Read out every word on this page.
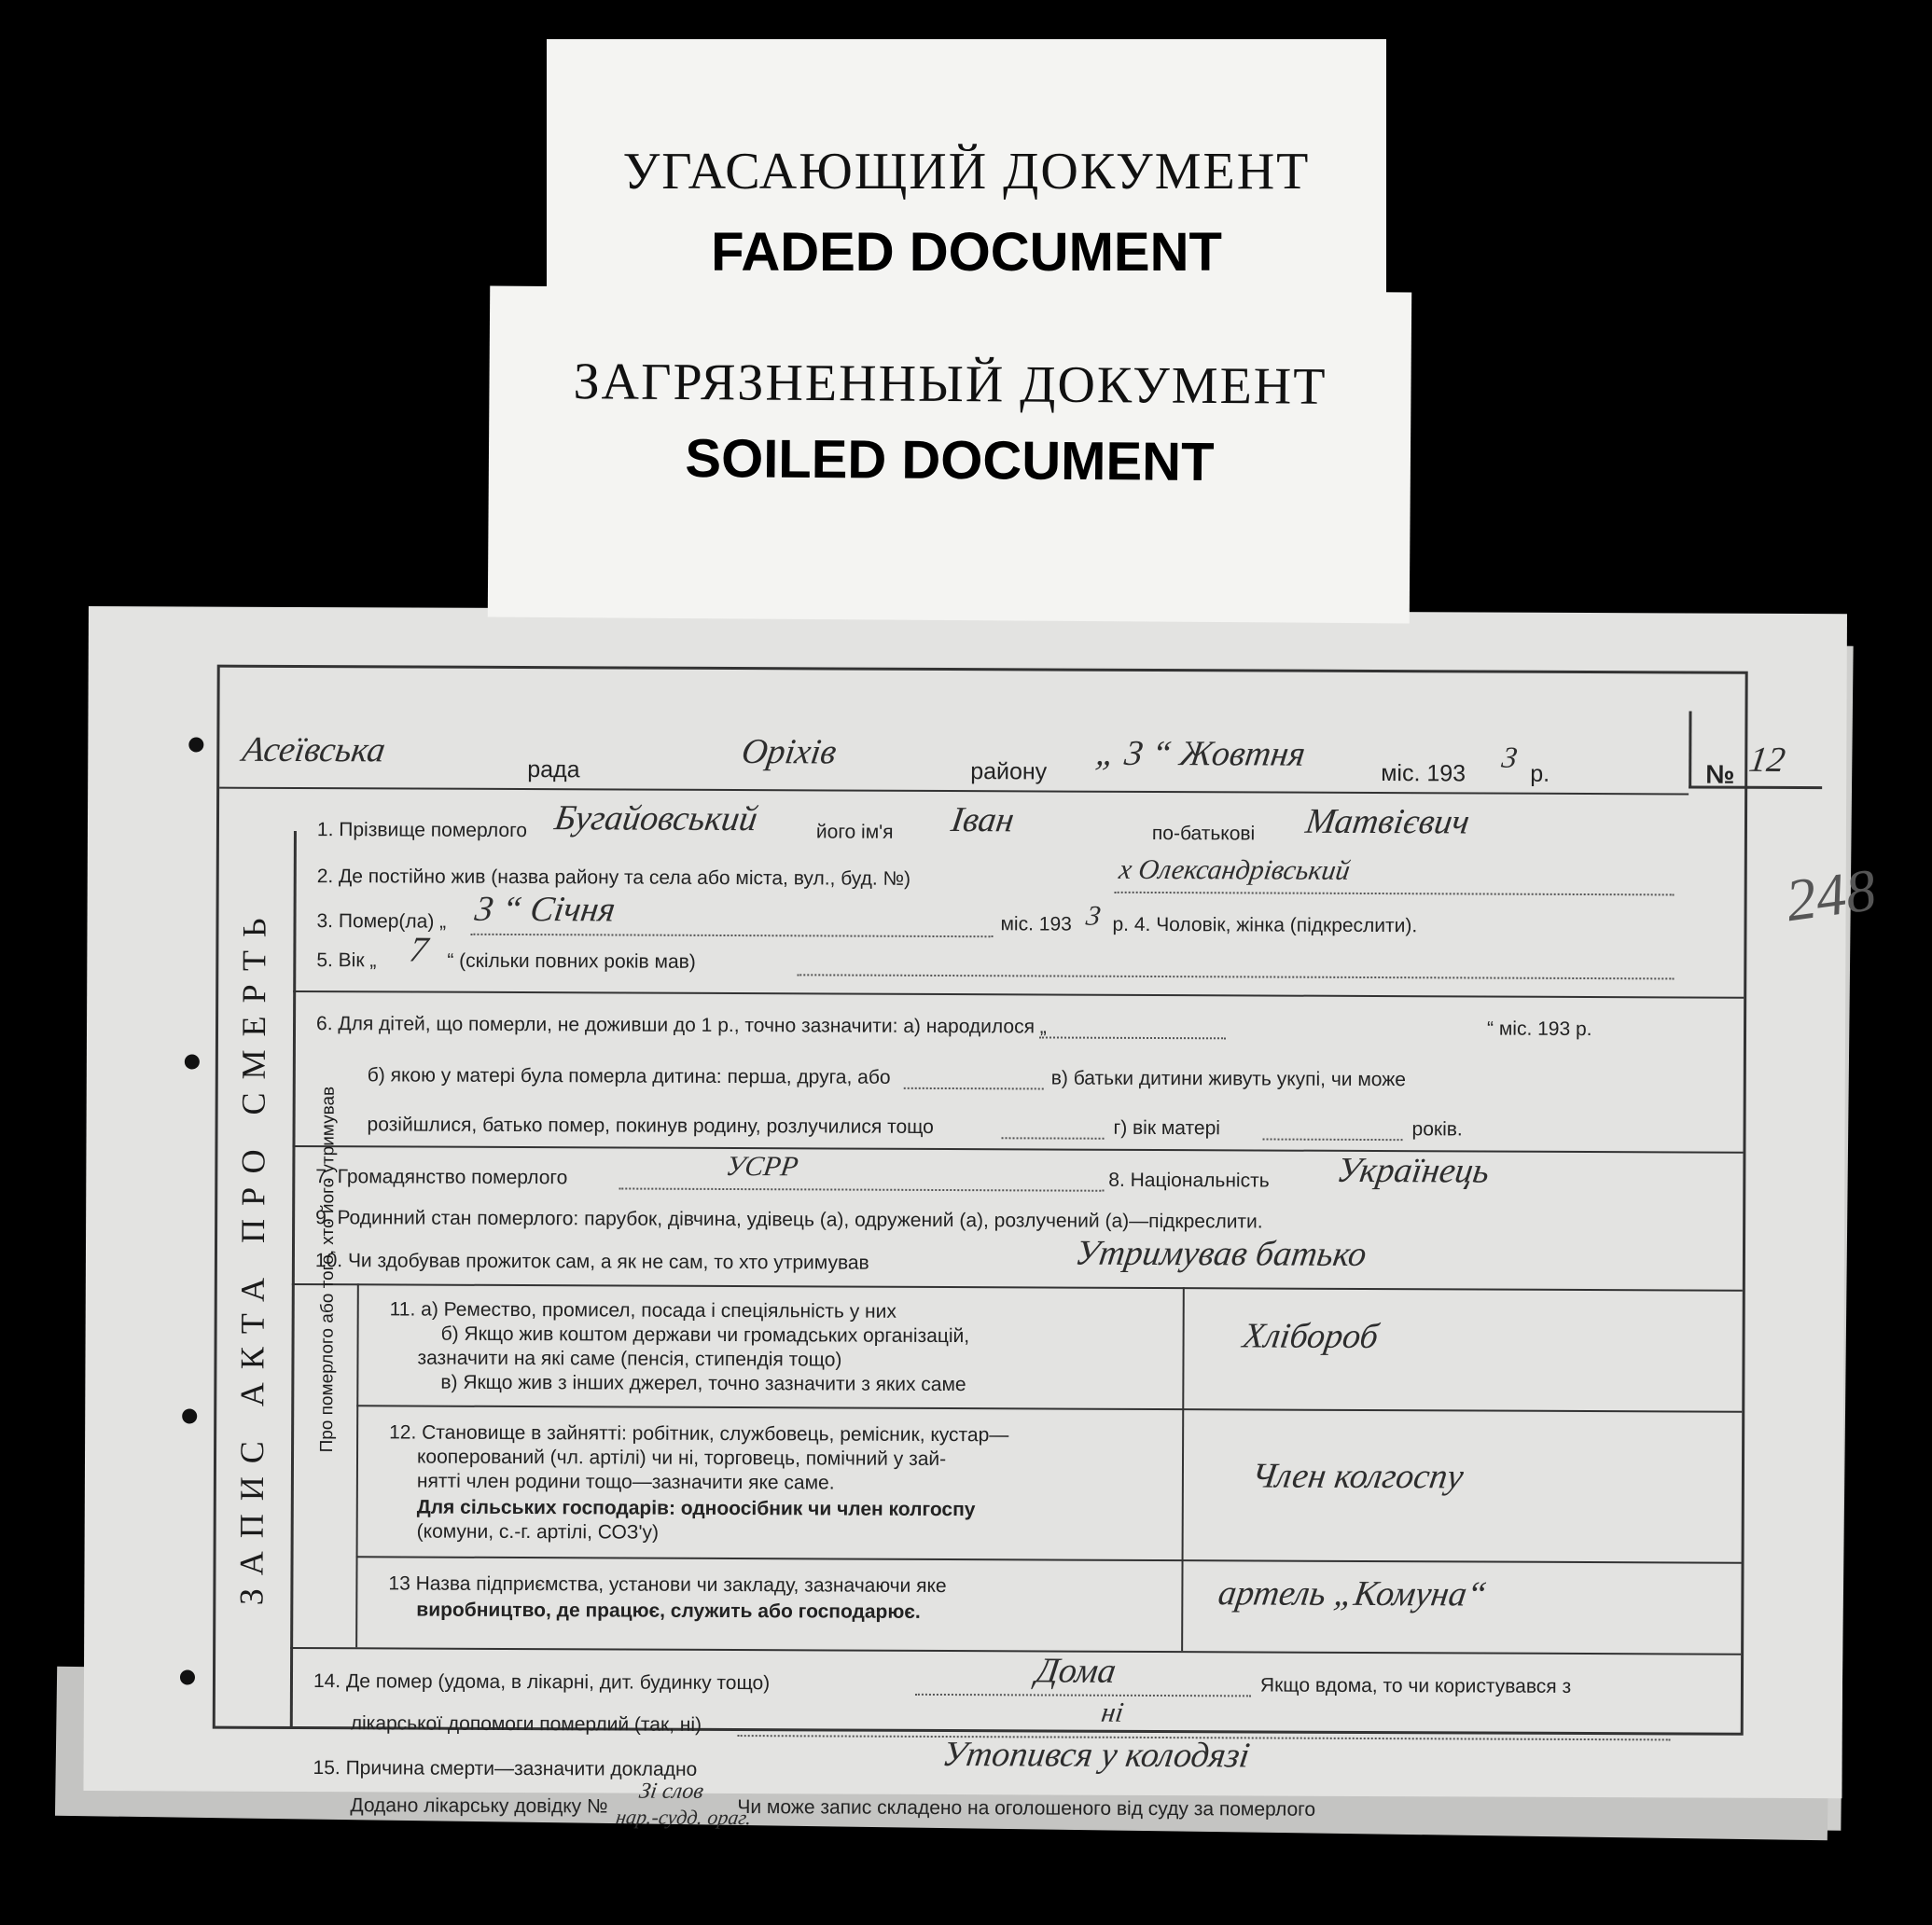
УГАСАЮЩИЙ ДОКУМЕНТ
FADED DOCUMENT
ЗАПИС АКТА ПРО СМЕРТЬ
Асеївська	рада	Оріхів	району „ 3 “ Жовтня	міс. 193 3
р.	№ 12
248
1. Прізвище померлого Бугайовський	його ім'я Іван	по-батькові Матвієвич
2. Де постійно жив (назва району та села або міста, вул., буд. №)	х Олександрівський
3. Помер(ла) „ 3 “ Січня	міс. 193 3 р. 4. Чоловік, жінка (підкреслити).
5. Вік „ 7 “ (скільки повних років мав)
6. Для дітей, що померли, не доживши до 1 р., точно зазначити: а) народилося „	“ міс. 193 р.
б) якою у матері була померла дитина: перша, друга, або	в) батьки дитини живуть укупі, чи може
розійшлися, батько помер, покинув родину, розлучилися тощо	г) вік матері	років.
7. Громадянство померлого	УСРР	8. Національність Українець
9. Родинний стан померлого: парубок, дівчина, удівець (а), одружений (а), розлучений (а)—підкреслити.
10. Чи здобував прожиток сам, а як не сам, то хто утримував	Утримував батько
Про померлого або того, хто його утримував	11. а) Ремество, промисел, посада і спеціяльність у них
б) Якщо жив коштом держави чи громадських організацій,
зазначити на які саме (пенсія, стипендія тощо)
в) Якщо жив з інших джерел, точно зазначити з яких саме
Хлібороб
12. Становище в зайнятті: робітник, службовець, ремісник, кустар—
кооперований (чл. артілі) чи ні, торговець, помічний у зай-
нятті член родини тощо—зазначити яке саме.
Для сільських господарів: одноосібник чи член колгоспу
(комуни, с.-г. артілі, СОЗ'у)
Член колгоспу
13 Назва підприємства, установи чи закладу, зазначаючи яке
виробництво, де працює, служить або господарює.	артель „Комуна“
14. Де помер (удома, в лікарні, дит. будинку тощо)	Дома	Якщо вдома, то чи користувався з
лікарської допомоги померлий (так, ні)	ні
15. Причина смерти—зазначити докладно	Утопився у колодязі
Додано лікарську довідку №
Зі слов
нар.-судд. ораг.
Чи може запис складено на оголошеного від суду за померлого
ЗАГРЯЗНЕННЫЙ ДОКУМЕНТ
SOILED DOCUMENT
